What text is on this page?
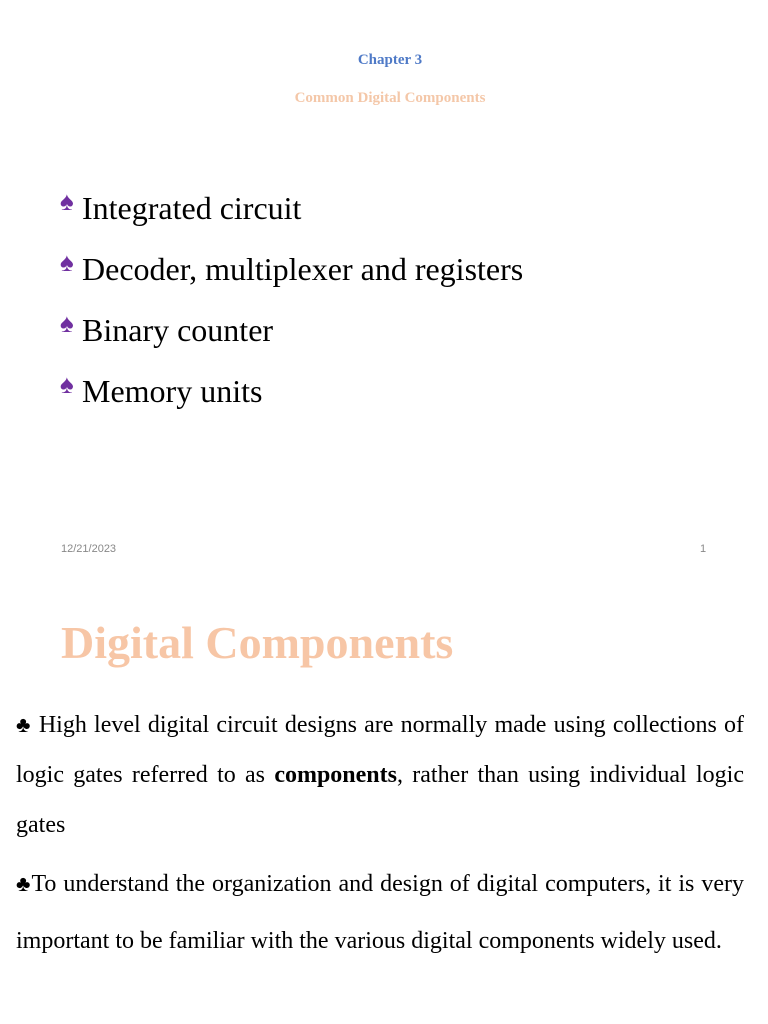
Chapter 3
Common Digital Components
♠ Integrated circuit
♠ Decoder, multiplexer and registers
♠ Binary counter
♠ Memory units
12/21/2023	1
Digital Components

♣ High level digital circuit designs are normally made using collections of logic gates referred to as components, rather than using individual logic gates

♣To understand the organization and design of digital computers, it is very important to be familiar with the various digital components widely used.
